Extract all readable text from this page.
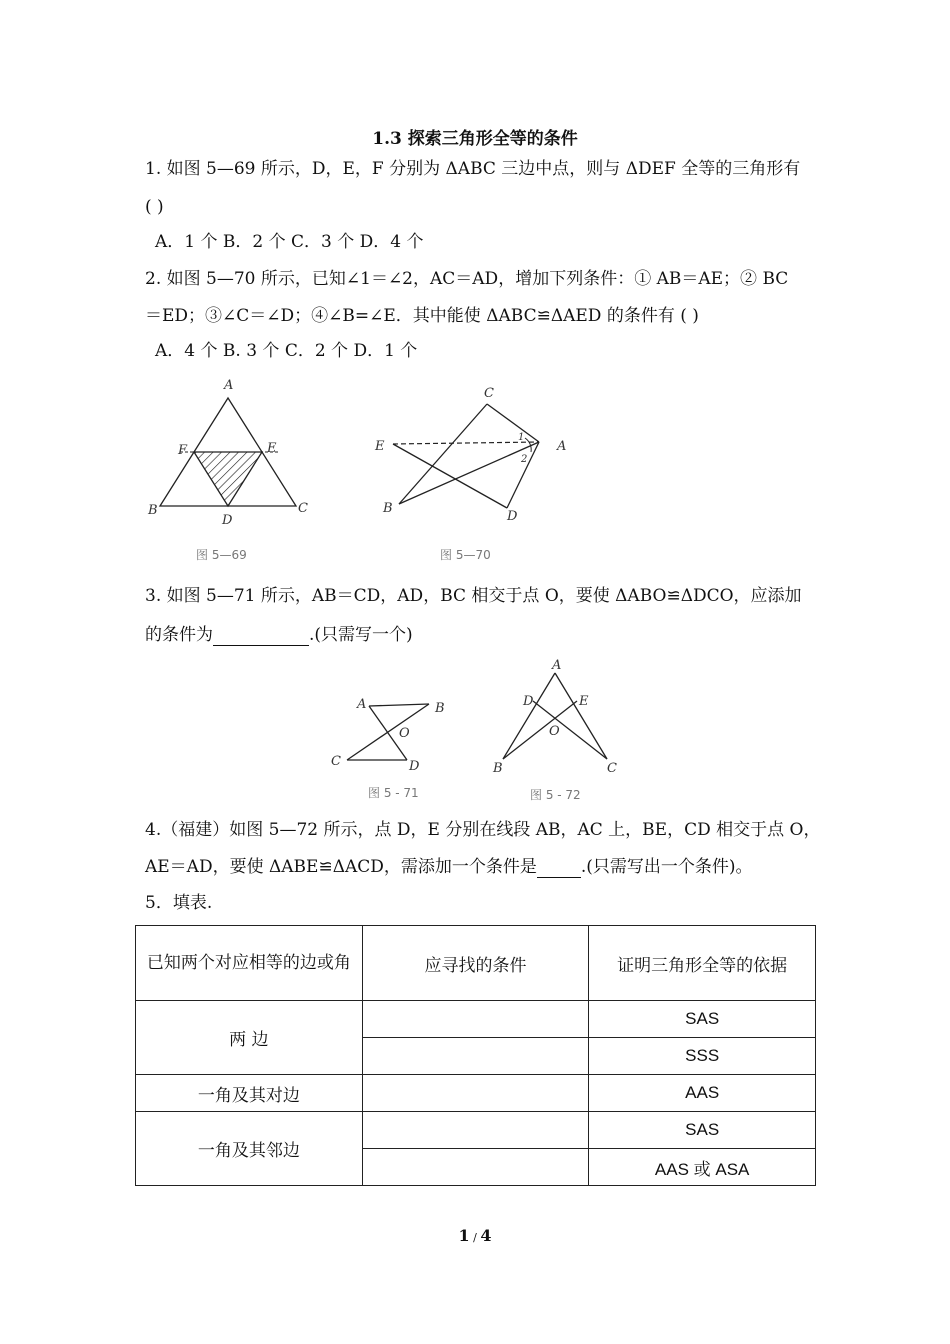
1.3 探索三角形全等的条件
1. 如图 5—69 所示，D，E，F 分别为 ΔABC 三边中点，则与 ΔDEF 全等的三角形有
( )
A．1 个 B．2 个 C．3 个 D．4 个
2. 如图 5—70 所示，已知∠1＝∠2，AC＝AD，增加下列条件：① AB＝AE；② BC
＝ED；③∠C＝∠D；④∠B=∠E．其中能使 ΔABC≌ΔAED 的条件有 ( )
A．4 个 B. 3 个 C．2 个 D．1 个
A
F	E
B
D
C
图 5—69
C
E	A
1
2
B
D
图 5—70
3. 如图 5—71 所示，AB＝CD，AD，BC 相交于点 O，要使 ΔABO≌ΔDCO，应添加
的条件为	.(只需写一个)
A	B
O
C	D
图 5 - 71
A
D	E
O
B	C
图 5 - 72
4.（福建）如图 5—72 所示，点 D，E 分别在线段 AB，AC 上，BE，CD 相交于点 O，
AE＝AD，要使 ΔABE≌ΔACD，需添加一个条件是	.(只需写出一个条件)。
5．填表.
已知两个对应相等的边或角	应寻找的条件	证明三角形全等的依据
两 边		SAS
		SSS
一角及其对边		AAS
一角及其邻边		SAS
		AAS 或 ASA
1 / 4
